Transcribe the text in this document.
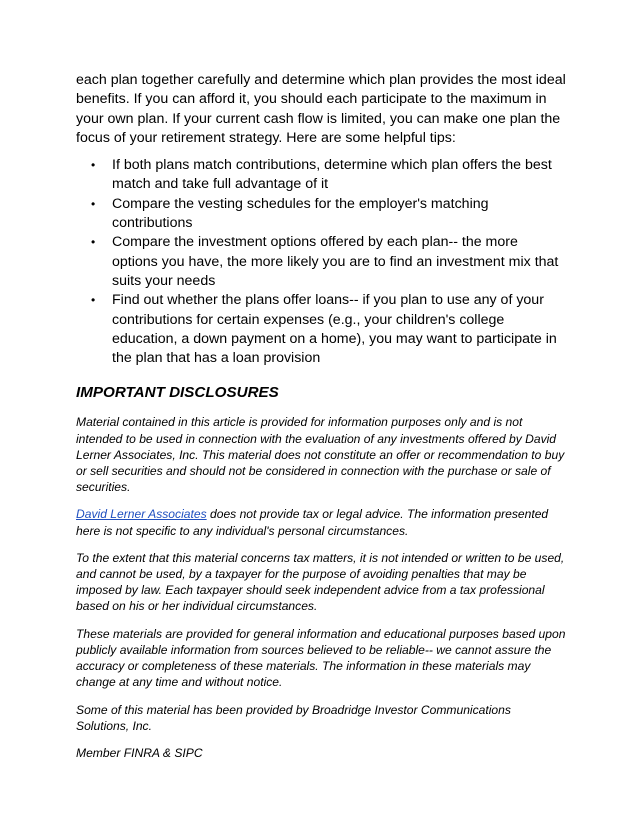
each plan together carefully and determine which plan provides the most ideal benefits. If you can afford it, you should each participate to the maximum in your own plan. If your current cash flow is limited, you can make one plan the focus of your retirement strategy. Here are some helpful tips:

• If both plans match contributions, determine which plan offers the best match and take full advantage of it
• Compare the vesting schedules for the employer's matching contributions
• Compare the investment options offered by each plan-- the more options you have, the more likely you are to find an investment mix that suits your needs
• Find out whether the plans offer loans-- if you plan to use any of your contributions for certain expenses (e.g., your children's college education, a down payment on a home), you may want to participate in the plan that has a loan provision
IMPORTANT DISCLOSURES

Material contained in this article is provided for information purposes only and is not intended to be used in connection with the evaluation of any investments offered by David Lerner Associates, Inc. This material does not constitute an offer or recommendation to buy or sell securities and should not be considered in connection with the purchase or sale of securities.

David Lerner Associates does not provide tax or legal advice. The information presented here is not specific to any individual's personal circumstances.

To the extent that this material concerns tax matters, it is not intended or written to be used, and cannot be used, by a taxpayer for the purpose of avoiding penalties that may be imposed by law. Each taxpayer should seek independent advice from a tax professional based on his or her individual circumstances.

These materials are provided for general information and educational purposes based upon publicly available information from sources believed to be reliable-- we cannot assure the accuracy or completeness of these materials. The information in these materials may change at any time and without notice.

Some of this material has been provided by Broadridge Investor Communications Solutions, Inc.

Member FINRA & SIPC
